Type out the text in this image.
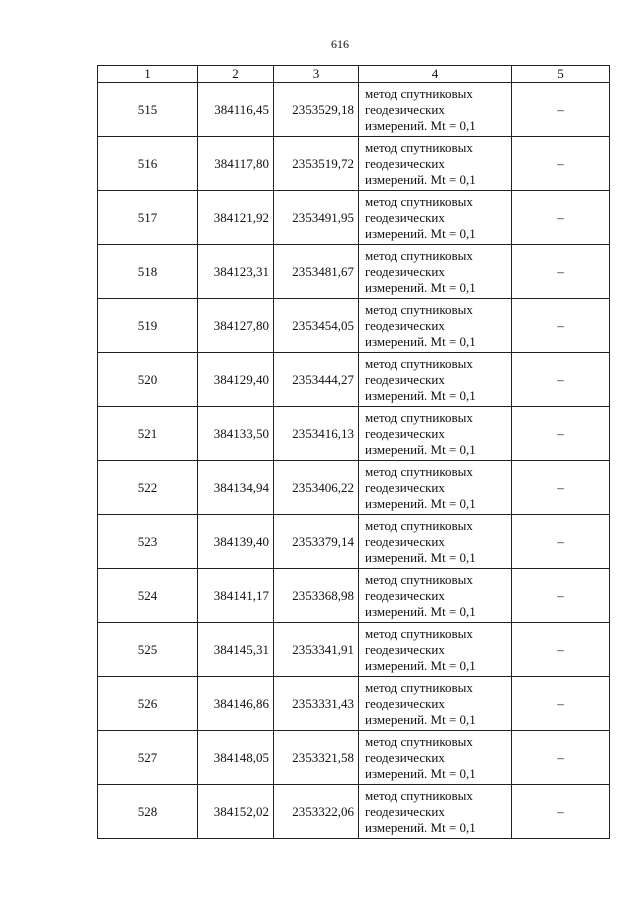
616
1	2	3	4	5
515	384116,45	2353529,18	метод спутниковых
геодезических
измерений. Mt = 0,1	–
516	384117,80	2353519,72	метод спутниковых
геодезических
измерений. Mt = 0,1	–
517	384121,92	2353491,95	метод спутниковых
геодезических
измерений. Mt = 0,1	–
518	384123,31	2353481,67	метод спутниковых
геодезических
измерений. Mt = 0,1	–
519	384127,80	2353454,05	метод спутниковых
геодезических
измерений. Mt = 0,1	–
520	384129,40	2353444,27	метод спутниковых
геодезических
измерений. Mt = 0,1	–
521	384133,50	2353416,13	метод спутниковых
геодезических
измерений. Mt = 0,1	–
522	384134,94	2353406,22	метод спутниковых
геодезических
измерений. Mt = 0,1	–
523	384139,40	2353379,14	метод спутниковых
геодезических
измерений. Mt = 0,1	–
524	384141,17	2353368,98	метод спутниковых
геодезических
измерений. Mt = 0,1	–
525	384145,31	2353341,91	метод спутниковых
геодезических
измерений. Mt = 0,1	–
526	384146,86	2353331,43	метод спутниковых
геодезических
измерений. Mt = 0,1	–
527	384148,05	2353321,58	метод спутниковых
геодезических
измерений. Mt = 0,1	–
528	384152,02	2353322,06	метод спутниковых
геодезических
измерений. Mt = 0,1	–
